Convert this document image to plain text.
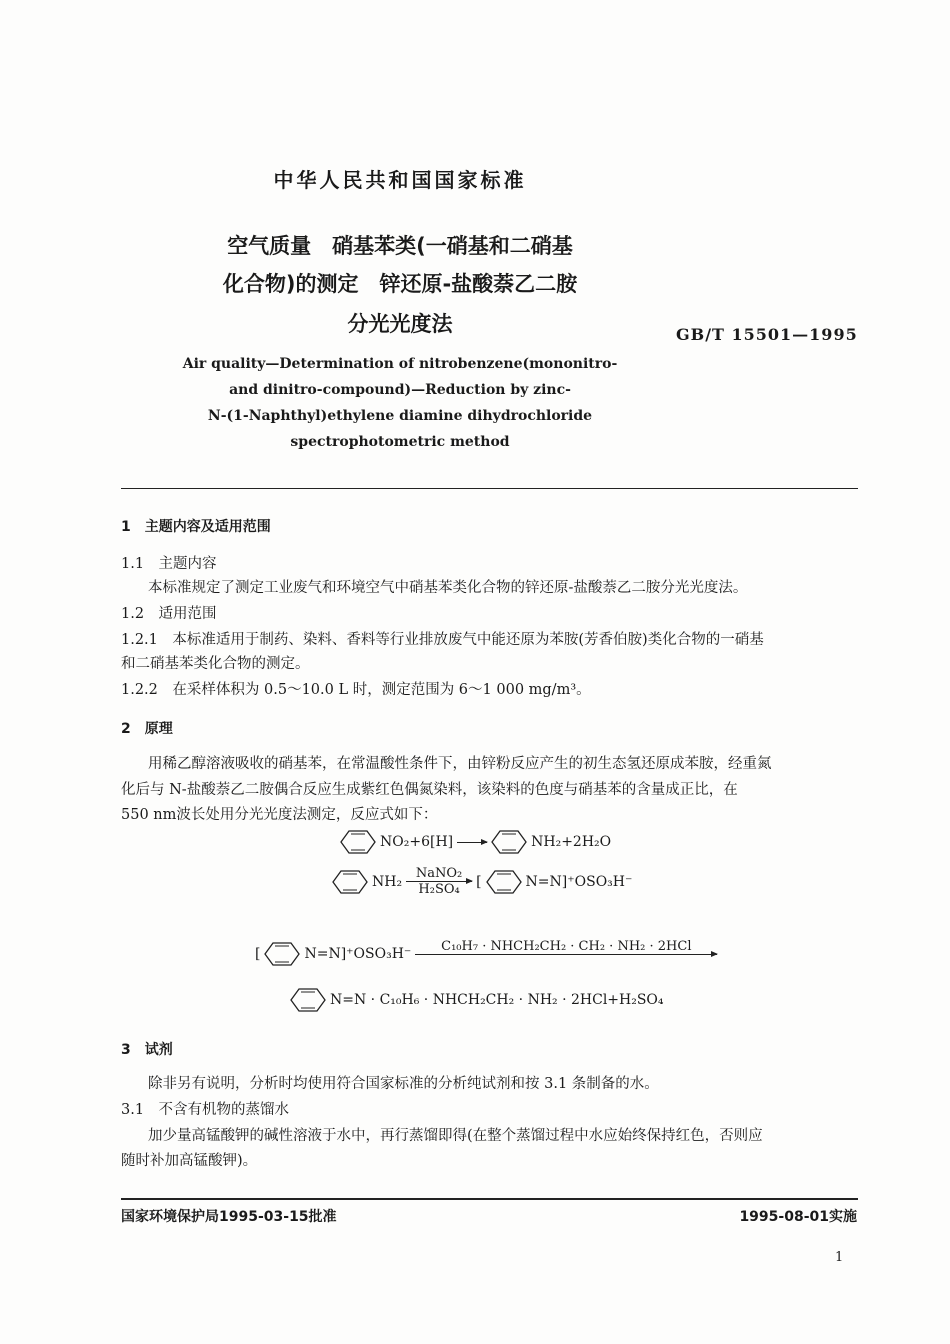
中华人民共和国国家标准
空气质量　硝基苯类(一硝基和二硝基
化合物)的测定　锌还原-盐酸萘乙二胺
分光光度法	GB/T 15501—1995
Air quality—Determination of nitrobenzene(mononitro-
and dinitro-compound)—Reduction by zinc-
N-(1-Naphthyl)ethylene diamine dihydrochloride
spectrophotometric method
1　主题内容及适用范围
1.1　主题内容
本标准规定了测定工业废气和环境空气中硝基苯类化合物的锌还原-盐酸萘乙二胺分光光度法。
1.2　适用范围
1.2.1　本标准适用于制药、染料、香料等行业排放废气中能还原为苯胺(芳香伯胺)类化合物的一硝基
和二硝基苯类化合物的测定。
1.2.2　在采样体积为 0.5～10.0 L 时，测定范围为 6～1 000 mg/m³。
2　原理
用稀乙醇溶液吸收的硝基苯，在常温酸性条件下，由锌粉反应产生的初生态氢还原成苯胺，经重氮
化后与 N-盐酸萘乙二胺偶合反应生成紫红色偶氮染料，该染料的色度与硝基苯的含量成正比，在
550 nm波长处用分光光度法测定，反应式如下：
NO₂+6[H]	NH₂+2H₂O
NH₂ NaNO₂
H₂SO₄ [	N=N]⁺OSO₃H⁻
[	N=N]⁺OSO₃H⁻ C₁₀H₇ · NHCH₂CH₂ · CH₂ · NH₂ · 2HCl
N=N · C₁₀H₆ · NHCH₂CH₂ · NH₂ · 2HCl+H₂SO₄
3　试剂
除非另有说明，分析时均使用符合国家标准的分析纯试剂和按 3.1 条制备的水。
3.1　不含有机物的蒸馏水
加少量高锰酸钾的碱性溶液于水中，再行蒸馏即得(在整个蒸馏过程中水应始终保持红色，否则应
随时补加高锰酸钾)。
国家环境保护局1995-03-15批准	1995-08-01实施
1
